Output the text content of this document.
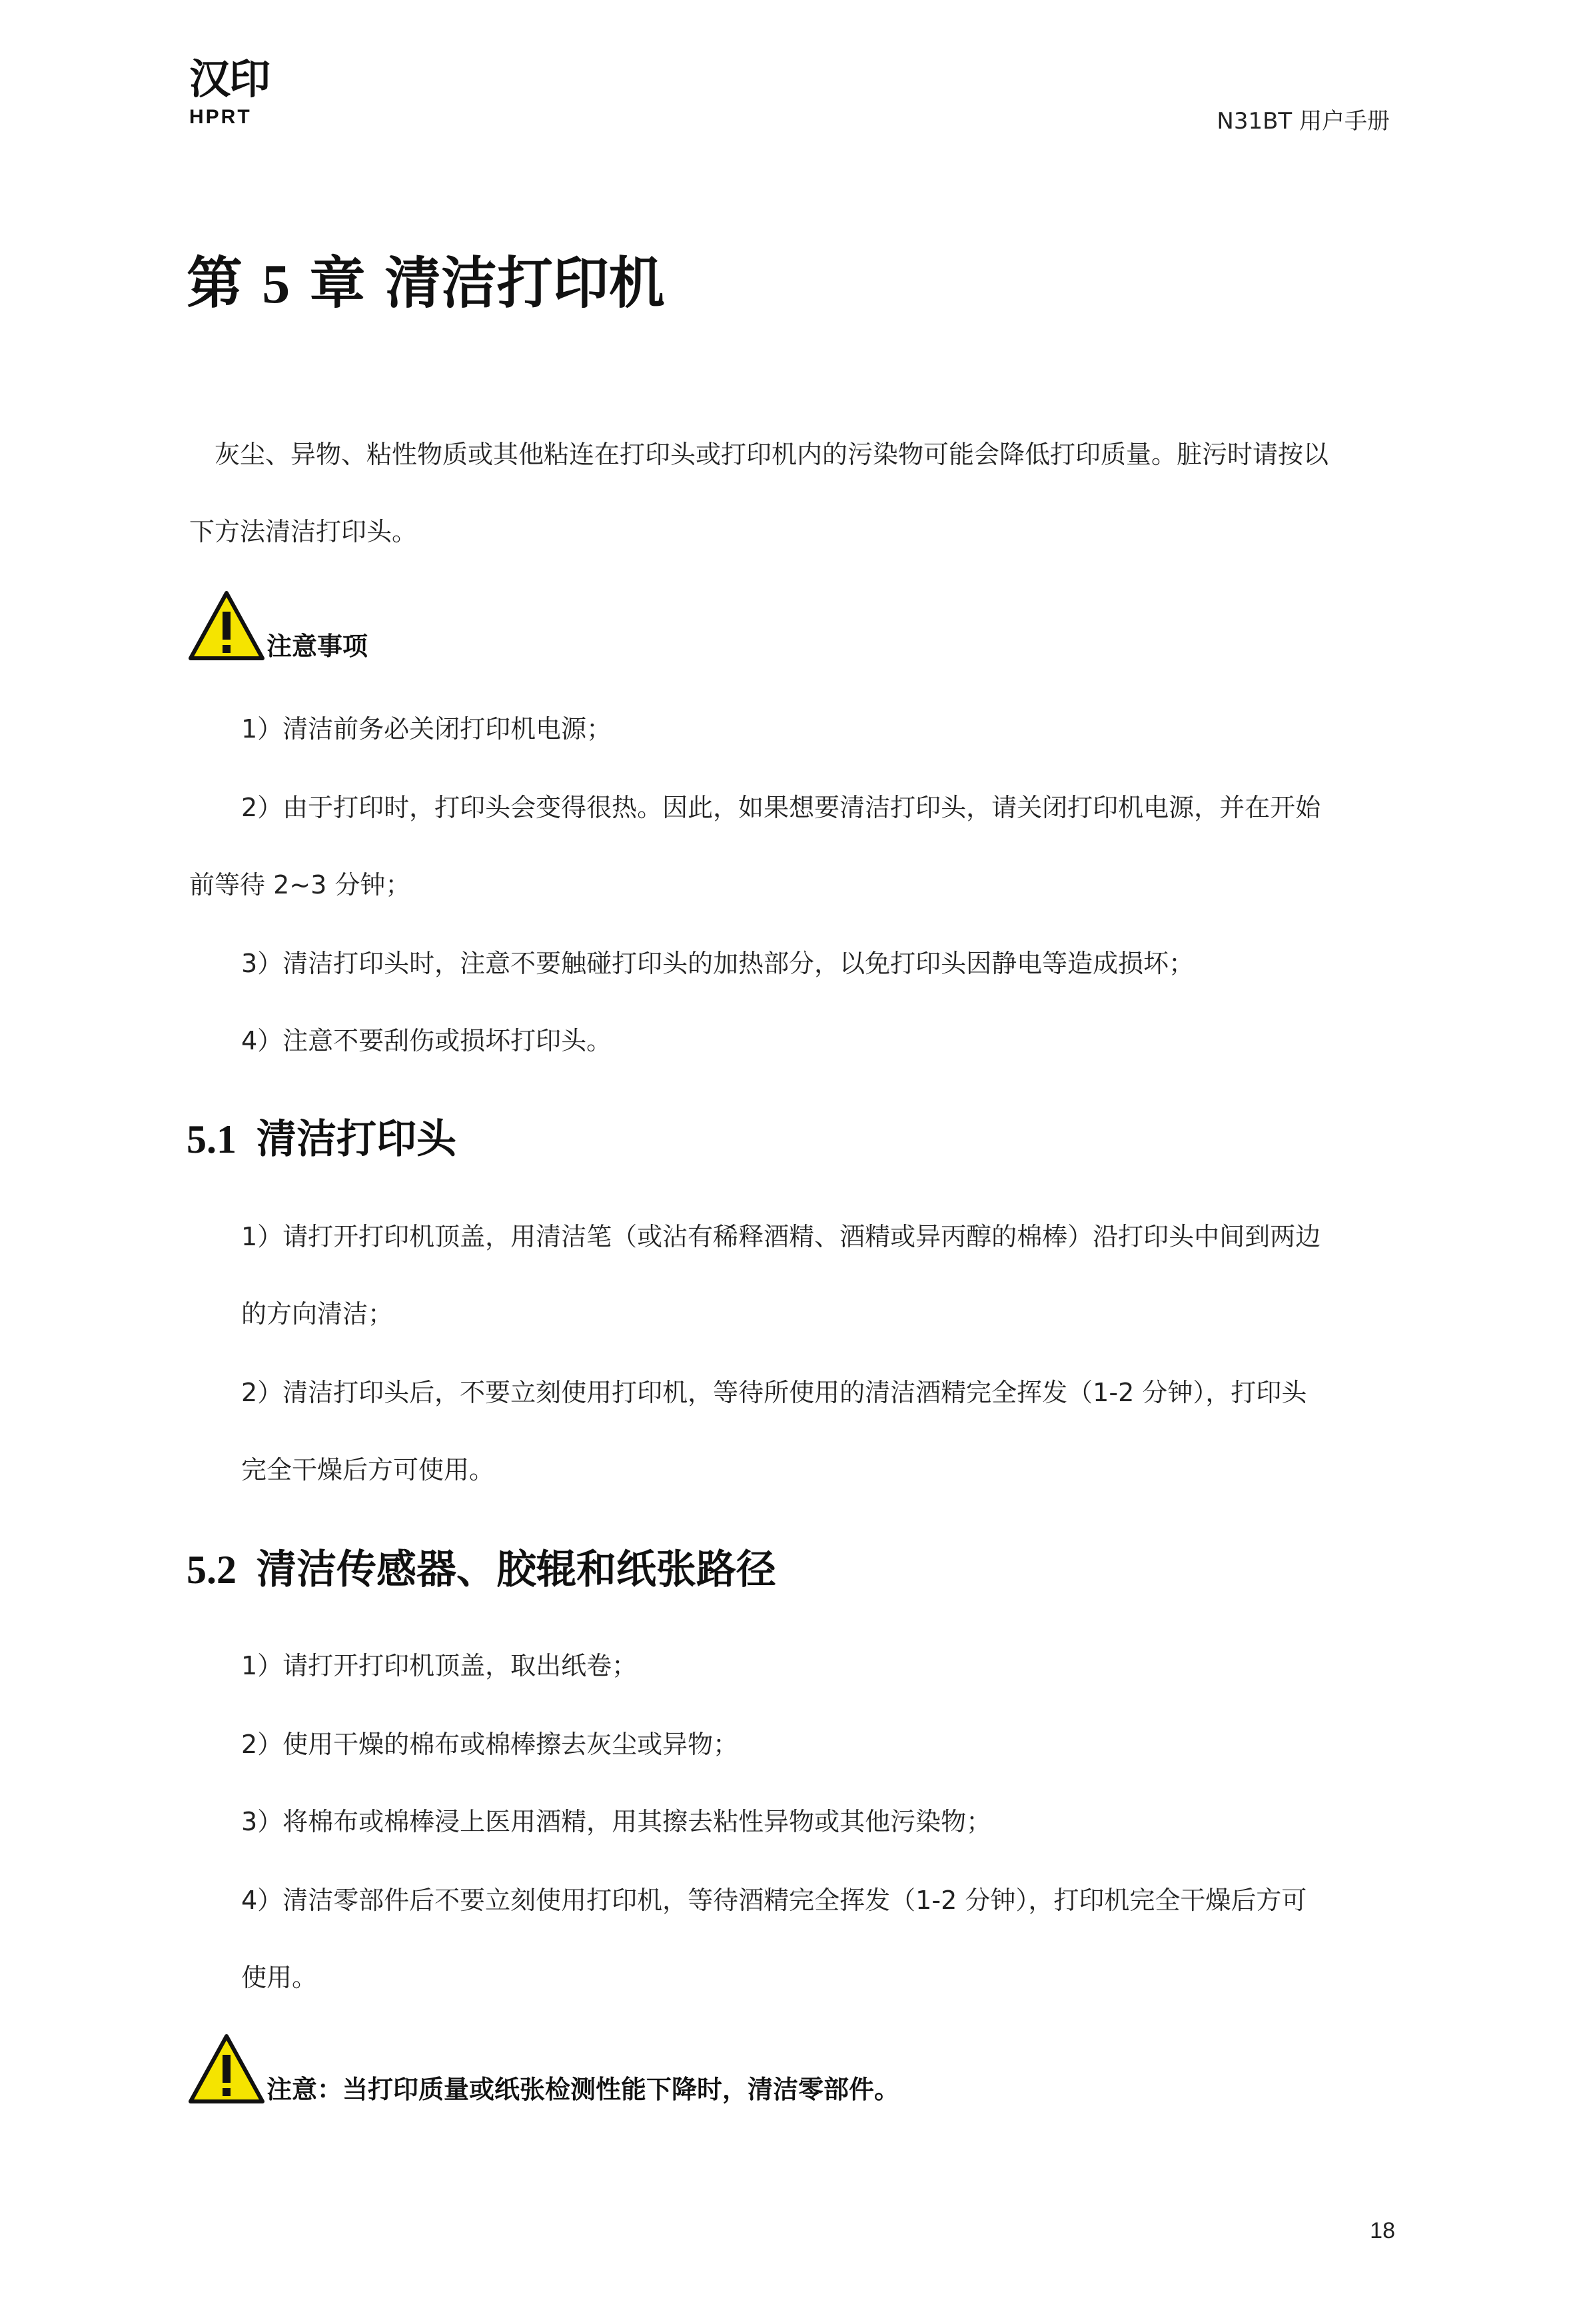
汉印
HPRT	N31BT 用户手册
第 5 章 清洁打印机
灰尘、异物、粘性物质或其他粘连在打印头或打印机内的污染物可能会降低打印质量。脏污时请按以
下方法清洁打印头。
注意事项
1）清洁前务必关闭打印机电源；
2）由于打印时，打印头会变得很热。因此，如果想要清洁打印头，请关闭打印机电源，并在开始
前等待 2~3 分钟；
3）清洁打印头时，注意不要触碰打印头的加热部分，以免打印头因静电等造成损坏；
4）注意不要刮伤或损坏打印头。
5.1 清洁打印头
1）请打开打印机顶盖，用清洁笔（或沾有稀释酒精、酒精或异丙醇的棉棒）沿打印头中间到两边
的方向清洁；
2）清洁打印头后，不要立刻使用打印机，等待所使用的清洁酒精完全挥发（1-2 分钟），打印头
完全干燥后方可使用。
5.2 清洁传感器、胶辊和纸张路径
1）请打开打印机顶盖，取出纸卷；
2）使用干燥的棉布或棉棒擦去灰尘或异物；
3）将棉布或棉棒浸上医用酒精，用其擦去粘性异物或其他污染物；
4）清洁零部件后不要立刻使用打印机，等待酒精完全挥发（1-2 分钟），打印机完全干燥后方可
使用。
注意：当打印质量或纸张检测性能下降时，清洁零部件。
18
